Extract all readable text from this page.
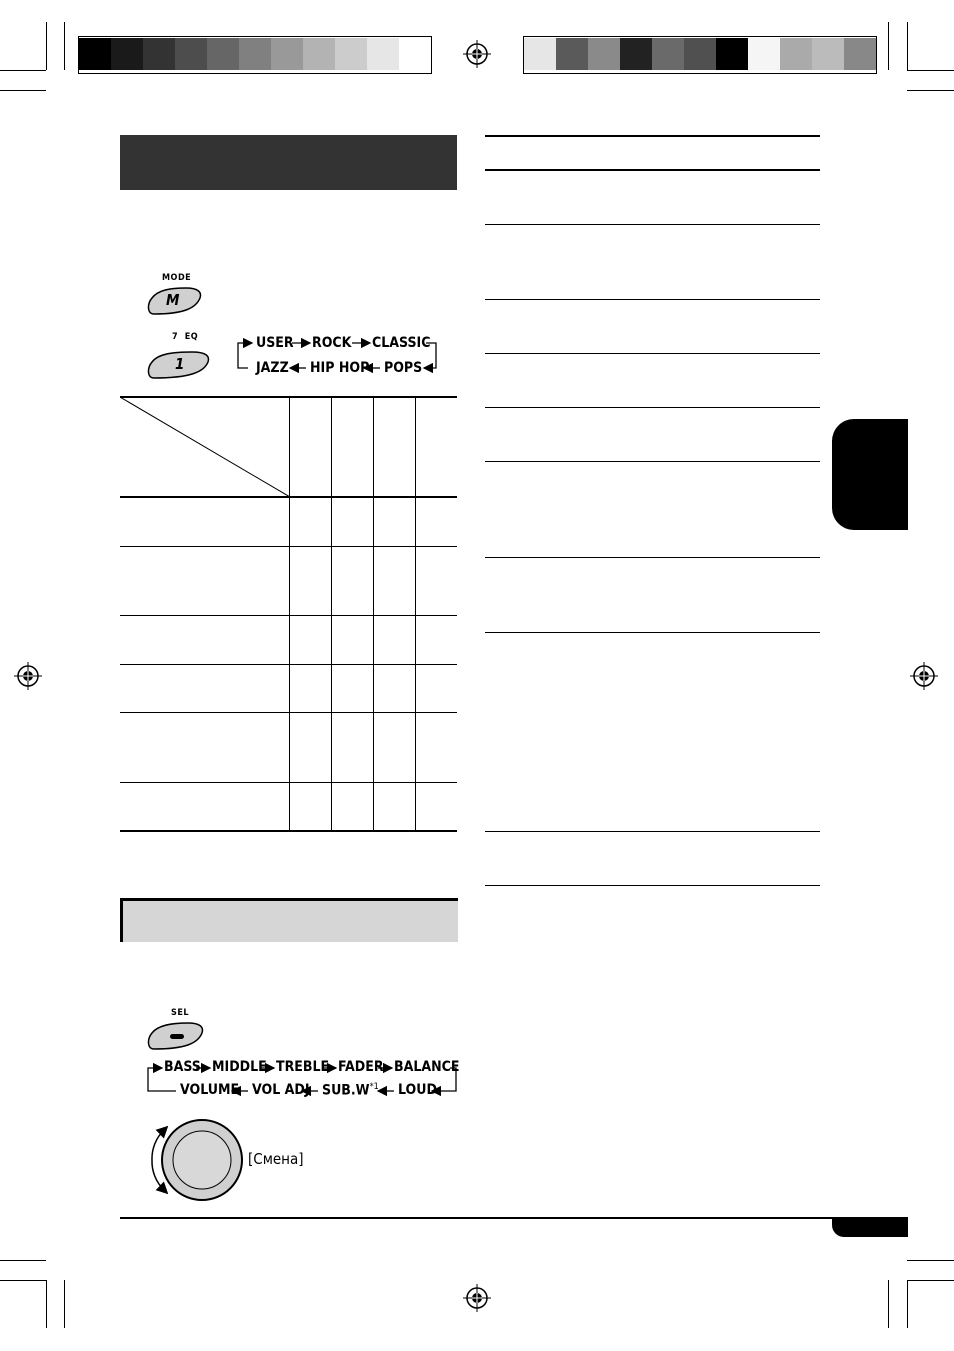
MODE
M
7  EQ
1
USER ROCK CLASSIC
JAZZ HIP HOP POPS
SEL
BASS MIDDLE TREBLE FADER BALANCE
VOLUME VOL ADJ $SUB.W^{*1}$ LOUD
[Смена]
